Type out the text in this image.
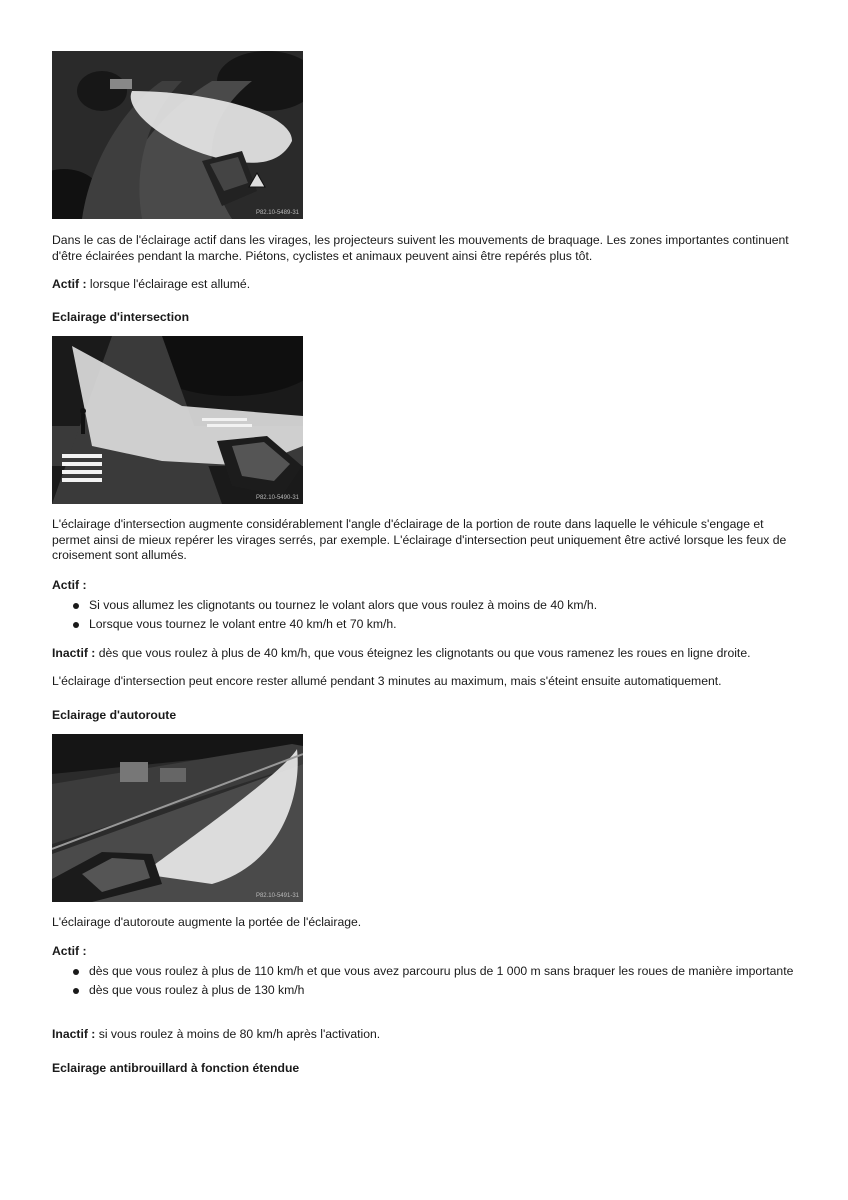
P82.10-5489-31

Dans le cas de l'éclairage actif dans les virages, les projecteurs suivent les mouvements de braquage. Les zones importantes continuent d'être éclairées pendant la marche. Piétons, cyclistes et animaux peuvent ainsi être repérés plus tôt.

Actif : lorsque l'éclairage est allumé.

Eclairage d'intersection

P82.10-5490-31

L'éclairage d'intersection augmente considérablement l'angle d'éclairage de la portion de route dans laquelle le véhicule s'engage et permet ainsi de mieux repérer les virages serrés, par exemple. L'éclairage d'intersection peut uniquement être activé lorsque les feux de croisement sont allumés.

Actif :

Si vous allumez les clignotants ou tournez le volant alors que vous roulez à moins de 40 km/h.
Lorsque vous tournez le volant entre 40 km/h et 70 km/h.

Inactif : dès que vous roulez à plus de 40 km/h, que vous éteignez les clignotants ou que vous ramenez les roues en ligne droite.

L'éclairage d'intersection peut encore rester allumé pendant 3 minutes au maximum, mais s'éteint ensuite automatiquement.

Eclairage d'autoroute

P82.10-5491-31

L'éclairage d'autoroute augmente la portée de l'éclairage.

Actif :

dès que vous roulez à plus de 110 km/h et que vous avez parcouru plus de 1 000 m sans braquer les roues de manière importante
dès que vous roulez à plus de 130 km/h

Inactif : si vous roulez à moins de 80 km/h après l'activation.

Eclairage antibrouillard à fonction étendue
